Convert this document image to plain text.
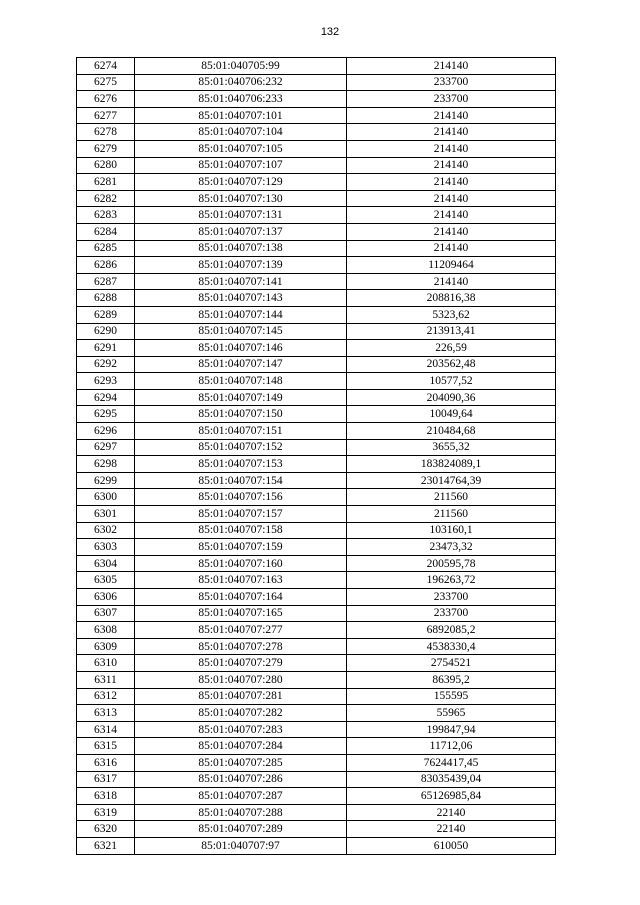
132
6274	85:01:040705:99	214140
6275	85:01:040706:232	233700
6276	85:01:040706:233	233700
6277	85:01:040707:101	214140
6278	85:01:040707:104	214140
6279	85:01:040707:105	214140
6280	85:01:040707:107	214140
6281	85:01:040707:129	214140
6282	85:01:040707:130	214140
6283	85:01:040707:131	214140
6284	85:01:040707:137	214140
6285	85:01:040707:138	214140
6286	85:01:040707:139	11209464
6287	85:01:040707:141	214140
6288	85:01:040707:143	208816,38
6289	85:01:040707:144	5323,62
6290	85:01:040707:145	213913,41
6291	85:01:040707:146	226,59
6292	85:01:040707:147	203562,48
6293	85:01:040707:148	10577,52
6294	85:01:040707:149	204090,36
6295	85:01:040707:150	10049,64
6296	85:01:040707:151	210484,68
6297	85:01:040707:152	3655,32
6298	85:01:040707:153	183824089,1
6299	85:01:040707:154	23014764,39
6300	85:01:040707:156	211560
6301	85:01:040707:157	211560
6302	85:01:040707:158	103160,1
6303	85:01:040707:159	23473,32
6304	85:01:040707:160	200595,78
6305	85:01:040707:163	196263,72
6306	85:01:040707:164	233700
6307	85:01:040707:165	233700
6308	85:01:040707:277	6892085,2
6309	85:01:040707:278	4538330,4
6310	85:01:040707:279	2754521
6311	85:01:040707:280	86395,2
6312	85:01:040707:281	155595
6313	85:01:040707:282	55965
6314	85:01:040707:283	199847,94
6315	85:01:040707:284	11712,06
6316	85:01:040707:285	7624417,45
6317	85:01:040707:286	83035439,04
6318	85:01:040707:287	65126985,84
6319	85:01:040707:288	22140
6320	85:01:040707:289	22140
6321	85:01:040707:97	610050
